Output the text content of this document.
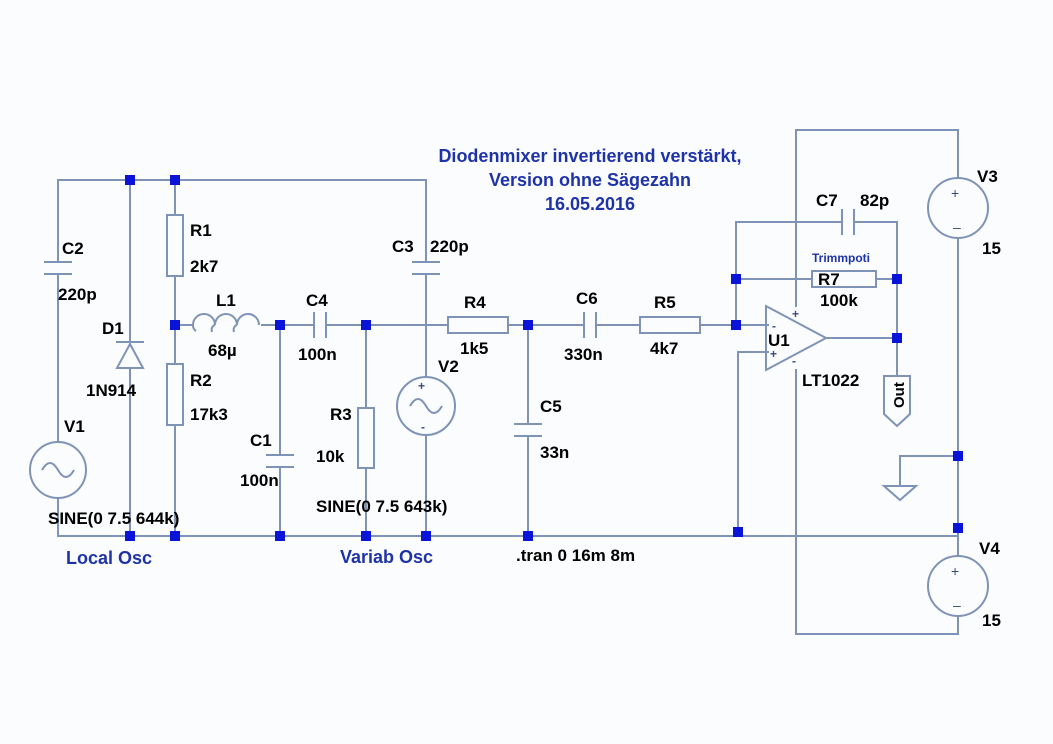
+
-
-
+
+
-
+
–
+
–
Diodenmixer invertierend verstärkt,
Version ohne Sägezahn
16.05.2016
C2
220p
D1
1N914
V1
SINE(0 7.5 644k)
R1
2k7
L1
68µ
R2
17k3
C1
100n
C4
100n
R3
10k
C3 220p
V2
SINE(0 7.5 643k)
R4
1k5
C6
330n
R5
4k7
C5
33n
C7 82p
Trimmpoti
R7
100k
U1
LT1022
V3
15
V4
15
Out
Local Osc	Variab Osc	.tran 0 16m 8m
